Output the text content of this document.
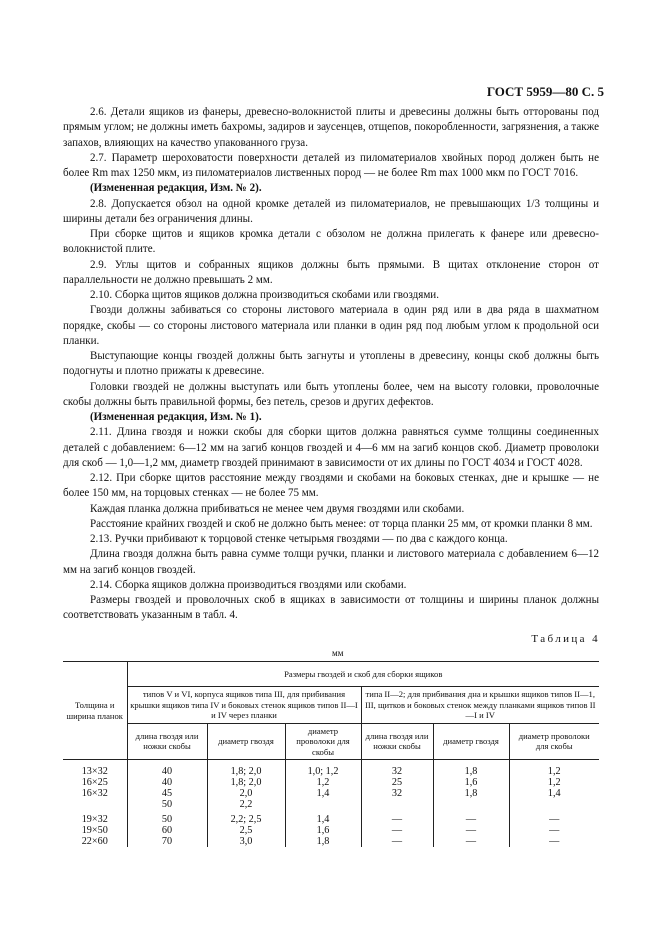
ГОСТ 5959—80 С. 5

2.6. Детали ящиков из фанеры, древесно-волокнистой плиты и древесины должны быть отторованы под прямым углом; не должны иметь бахромы, задиров и заусенцев, отщепов, покоробленности, загрязнения, а также запахов, влияющих на качество упакованного груза.

2.7. Параметр шероховатости поверхности деталей из пиломатериалов хвойных пород должен быть не более Rm max 1250 мкм, из пиломатериалов лиственных пород — не более Rm max 1000 мкм по ГОСТ 7016.

(Измененная редакция, Изм. № 2).

2.8. Допускается обзол на одной кромке деталей из пиломатериалов, не превышающих 1/3 толщины и ширины детали без ограничения длины.

При сборке щитов и ящиков кромка детали с обзолом не должна прилегать к фанере или древесно-волокнистой плите.

2.9. Углы щитов и собранных ящиков должны быть прямыми. В щитах отклонение сторон от параллельности не должно превышать 2 мм.

2.10. Сборка щитов ящиков должна производиться скобами или гвоздями.

Гвозди должны забиваться со стороны листового материала в один ряд или в два ряда в шахматном порядке, скобы — со стороны листового материала или планки в один ряд под любым углом к продольной оси планки.

Выступающие концы гвоздей должны быть загнуты и утоплены в древесину, концы скоб должны быть подогнуты и плотно прижаты к древесине.

Головки гвоздей не должны выступать или быть утоплены более, чем на высоту головки, проволочные скобы должны быть правильной формы, без петель, срезов и других дефектов.

(Измененная редакция, Изм. № 1).

2.11. Длина гвоздя и ножки скобы для сборки щитов должна равняться сумме толщины соединенных деталей с добавлением: 6—12 мм на загиб концов гвоздей и 4—6 мм на загиб концов скоб. Диаметр проволоки для скоб — 1,0—1,2 мм, диаметр гвоздей принимают в зависимости от их длины по ГОСТ 4034 и ГОСТ 4028.

2.12. При сборке щитов расстояние между гвоздями и скобами на боковых стенках, дне и крышке — не более 150 мм, на торцовых стенках — не более 75 мм.

Каждая планка должна прибиваться не менее чем двумя гвоздями или скобами.

Расстояние крайних гвоздей и скоб не должно быть менее: от торца планки 25 мм, от кромки планки 8 мм.

2.13. Ручки прибивают к торцовой стенке четырьмя гвоздями — по два с каждого конца.

Длина гвоздя должна быть равна сумме толщи ручки, планки и листового материала с добавлением 6—12 мм на загиб концов гвоздей.

2.14. Сборка ящиков должна производиться гвоздями или скобами.

Размеры гвоздей и проволочных скоб в ящиках в зависимости от толщины и ширины планок должны соответствовать указанным в табл. 4.

Таблица 4
мм
Толщина и ширина планок	Размеры гвоздей и скоб для сборки ящиков					
	типов V и VI, корпуса ящиков типа III, для прибивания крышки ящиков типа IV и боковых стенок ящиков типов II—I и IV через планки			типа II—2; для прибивания дна и крышки ящиков типов II—1, III, щитков и боковых стенок между планками ящиков типов II—I и IV		
	длина гвоздя или ножки скобы	диаметр гвоздя	диаметр проволоки для скобы	длина гвоздя или ножки скобы	диаметр гвоздя	диаметр проволоки для скобы
13×32	40	1,8; 2,0	1,0; 1,2	32	1,8	1,2
16×25	40	1,8; 2,0	1,2	25	1,6	1,2
16×32	45	2,0	1,4	32	1,8	1,4
	50	2,2				
19×32	50	2,2; 2,5	1,4	—	—	—
19×50	60	2,5	1,6	—	—	—
22×60	70	3,0	1,8	—	—	—
